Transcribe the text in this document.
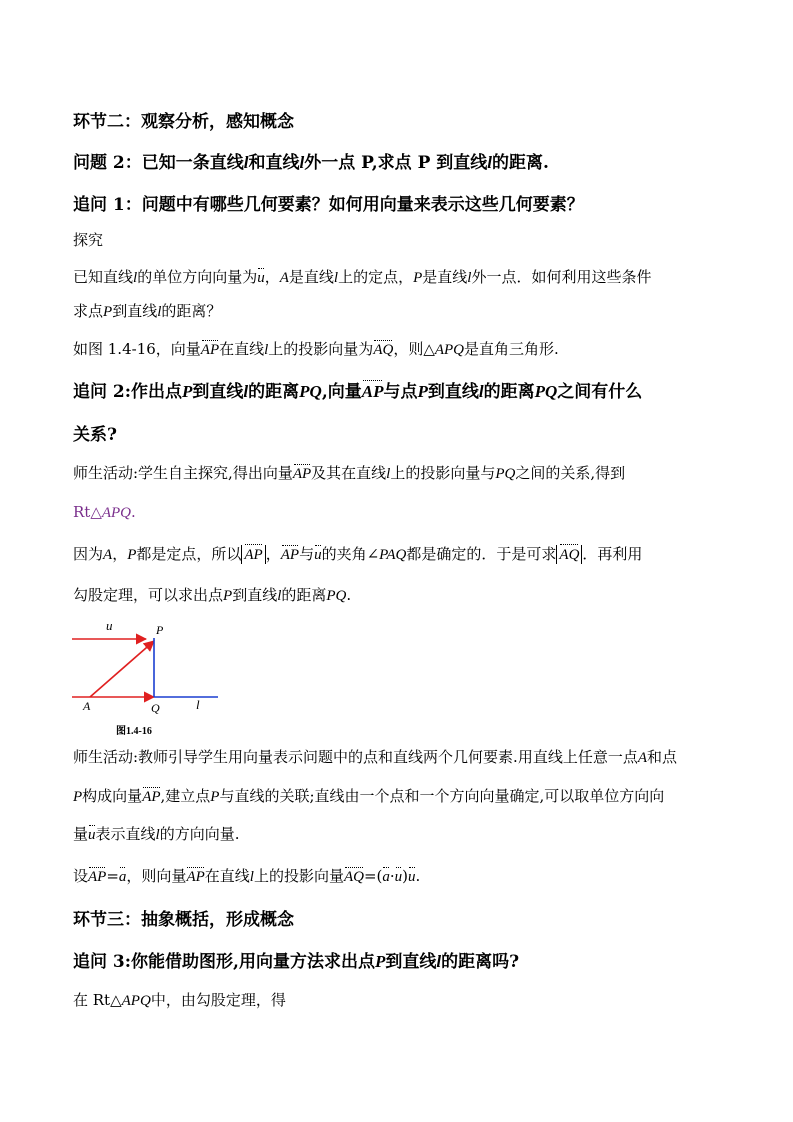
环节二：观察分析，感知概念

问题 2：已知一条直线l和直线l外一点 P,求点 P 到直线l的距离.

追问 1：问题中有哪些几何要素？如何用向量来表示这些几何要素？

探究

已知直线l的单位方向向量为u，A是直线l上的定点，P是直线l外一点．如何利用这些条件

求点P到直线l的距离？

如图 1.4-16，向量AP在直线l上的投影向量为AQ，则△APQ是直角三角形.

追问 2:作出点P到直线l的距离PQ,向量AP与点P到直线l的距离PQ之间有什么

关系?

师生活动:学生自主探究,得出向量AP及其在直线l上的投影向量与PQ之间的关系,得到

Rt△APQ.

因为A，P都是定点，所以 AP ，AP与u的夹角∠PAQ都是确定的．于是可求 AQ ．再利用

勾股定理，可以求出点P到直线l的距离PQ.

u	P
A	Q	l
图1.4-16

师生活动:教师引导学生用向量表示问题中的点和直线两个几何要素.用直线上任意一点A和点

P构成向量AP,建立点P与直线的关联;直线由一个点和一个方向向量确定,可以取单位方向向

量u表示直线l的方向向量.

设AP=a，则向量AP在直线l上的投影向量AQ=(a·u)u.

环节三：抽象概括，形成概念

追问 3:你能借助图形,用向量方法求出点P到直线l的距离吗?

在 Rt△APQ中，由勾股定理，得
